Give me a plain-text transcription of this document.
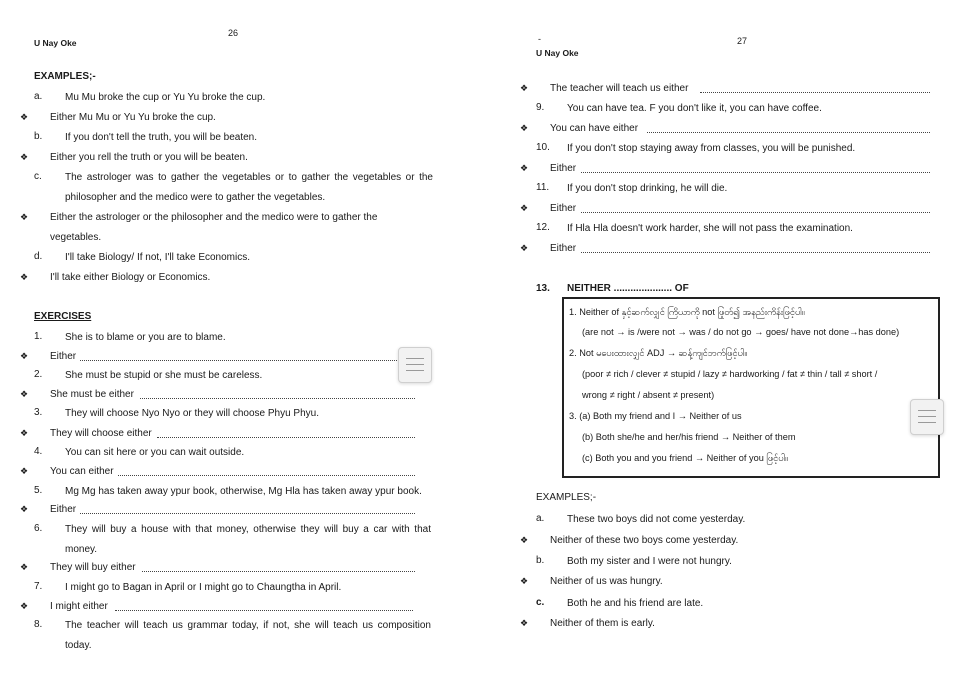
26
U Nay Oke
EXAMPLES;-
a. Mu Mu broke the cup or Yu Yu broke the cup.
❖ Either Mu Mu or Yu Yu broke the cup.
b. If you don't tell the truth, you will be beaten.
❖ Either you rell the truth or you will be beaten.
c. The astrologer was to gather the vegetables or to gather the vegetables or the
philosopher and the medico were to gather the vegetables.
❖ Either the astrologer or the philosopher and the medico were to gather the
vegetables.
d. I'll take Biology/ If not, I'll take Economics.
❖ I'll take either Biology or Economics.
EXERCISES
1. She is to blame or you are to blame.
❖ Either
2. She must be stupid or she must be careless.
❖ She must be either
3. They will choose Nyo Nyo or they will choose Phyu Phyu.
❖ They will choose either
4. You can sit here or you can wait outside.
❖ You can either
5. Mg Mg has taken away ypur book, otherwise, Mg Hla has taken away ypur book.
❖ Either
6. They will buy a house with that money, otherwise they will buy a car with that
money.
❖ They will buy either
7. I might go to Bagan in April or I might go to Chaungtha in April.
❖ I might either
8. The teacher will teach us grammar today, if not, she will teach us composition
today.
27
-
U Nay Oke
❖ The teacher will teach us either
9. You can have tea. F you don't like it, you can have coffee.
❖ You can have either
10. If you don't stop staying away from classes, you will be punished.
❖ Either
11. If you don't stop drinking, he will die.
❖ Either
12. If Hla Hla doesn't work harder, she will not pass the examination.
❖ Either
13. NEITHER ..................... OF
1. Neither of နှင့်ဆက်လျှင် ကြိယာကို not ဖြုတ်၍ အနည်းကိန်းဖြင့်ပါ။
(are not → is /were not → was / do not go → goes/ have not done→has done)
2. Not မပေးထားလျှင် ADJ → ဆန့်ကျင်ဘက်ဖြင့်ပါ။
(poor ≠ rich / clever ≠ stupid / lazy ≠ hardworking / fat ≠ thin / tall ≠ short /
wrong ≠ right / absent ≠ present)
3. (a) Both my friend and I → Neither of us
(b) Both she/he and her/his friend → Neither of them
(c) Both you and you friend → Neither of you ဖြင့်ပါ။
EXAMPLES;-
a. These two boys did not come yesterday.
❖ Neither of these two boys come yesterday.
b. Both my sister and I were not hungry.
❖ Neither of us was hungry.
c. Both he and his friend are late.
❖ Neither of them is early.
